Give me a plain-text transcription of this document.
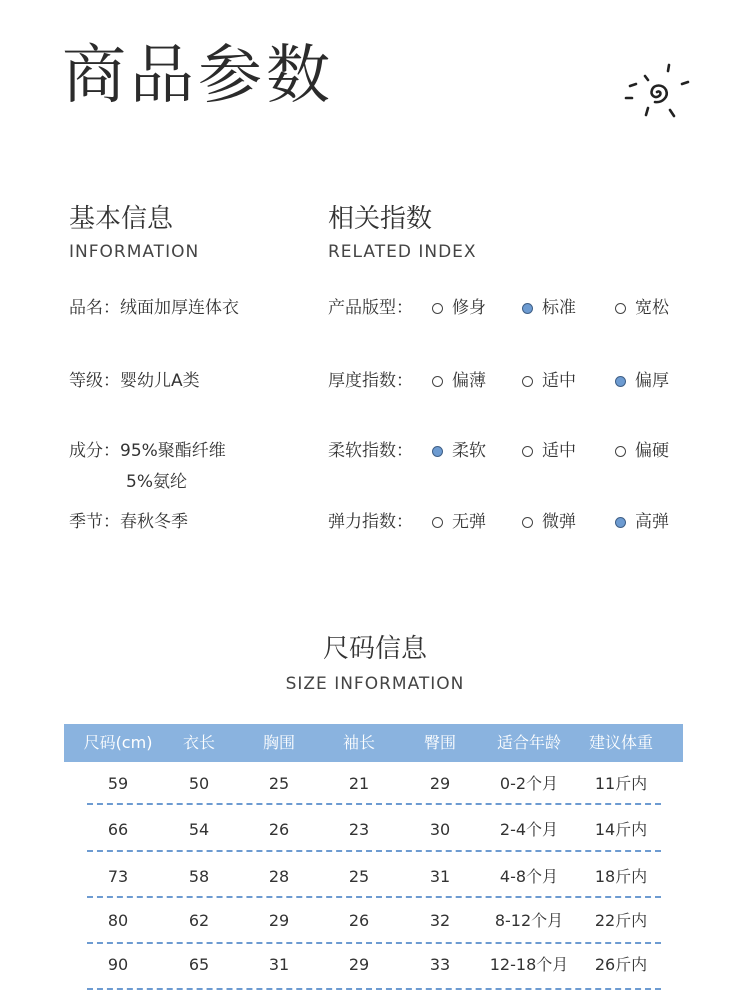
商品参数
基本信息
INFORMATION
品名：绒面加厚连体衣
等级：婴幼儿A类
成分：95%聚酯纤维
5%氨纶
季节：春秋冬季
相关指数
RELATED INDEX
产品版型： 修身	标准	宽松
厚度指数： 偏薄	适中	偏厚
柔软指数： 柔软	适中	偏硬
弹力指数： 无弹	微弹	高弹
尺码信息
SIZE INFORMATION
尺码(cm)	衣长	胸围	袖长	臀围	适合年龄	建议体重
59	50	25	21	29	0-2个月	11斤内
66	54	26	23	30	2-4个月	14斤内
73	58	28	25	31	4-8个月	18斤内
80	62	29	26	32	8-12个月	22斤内
90	65	31	29	33	12-18个月	26斤内
